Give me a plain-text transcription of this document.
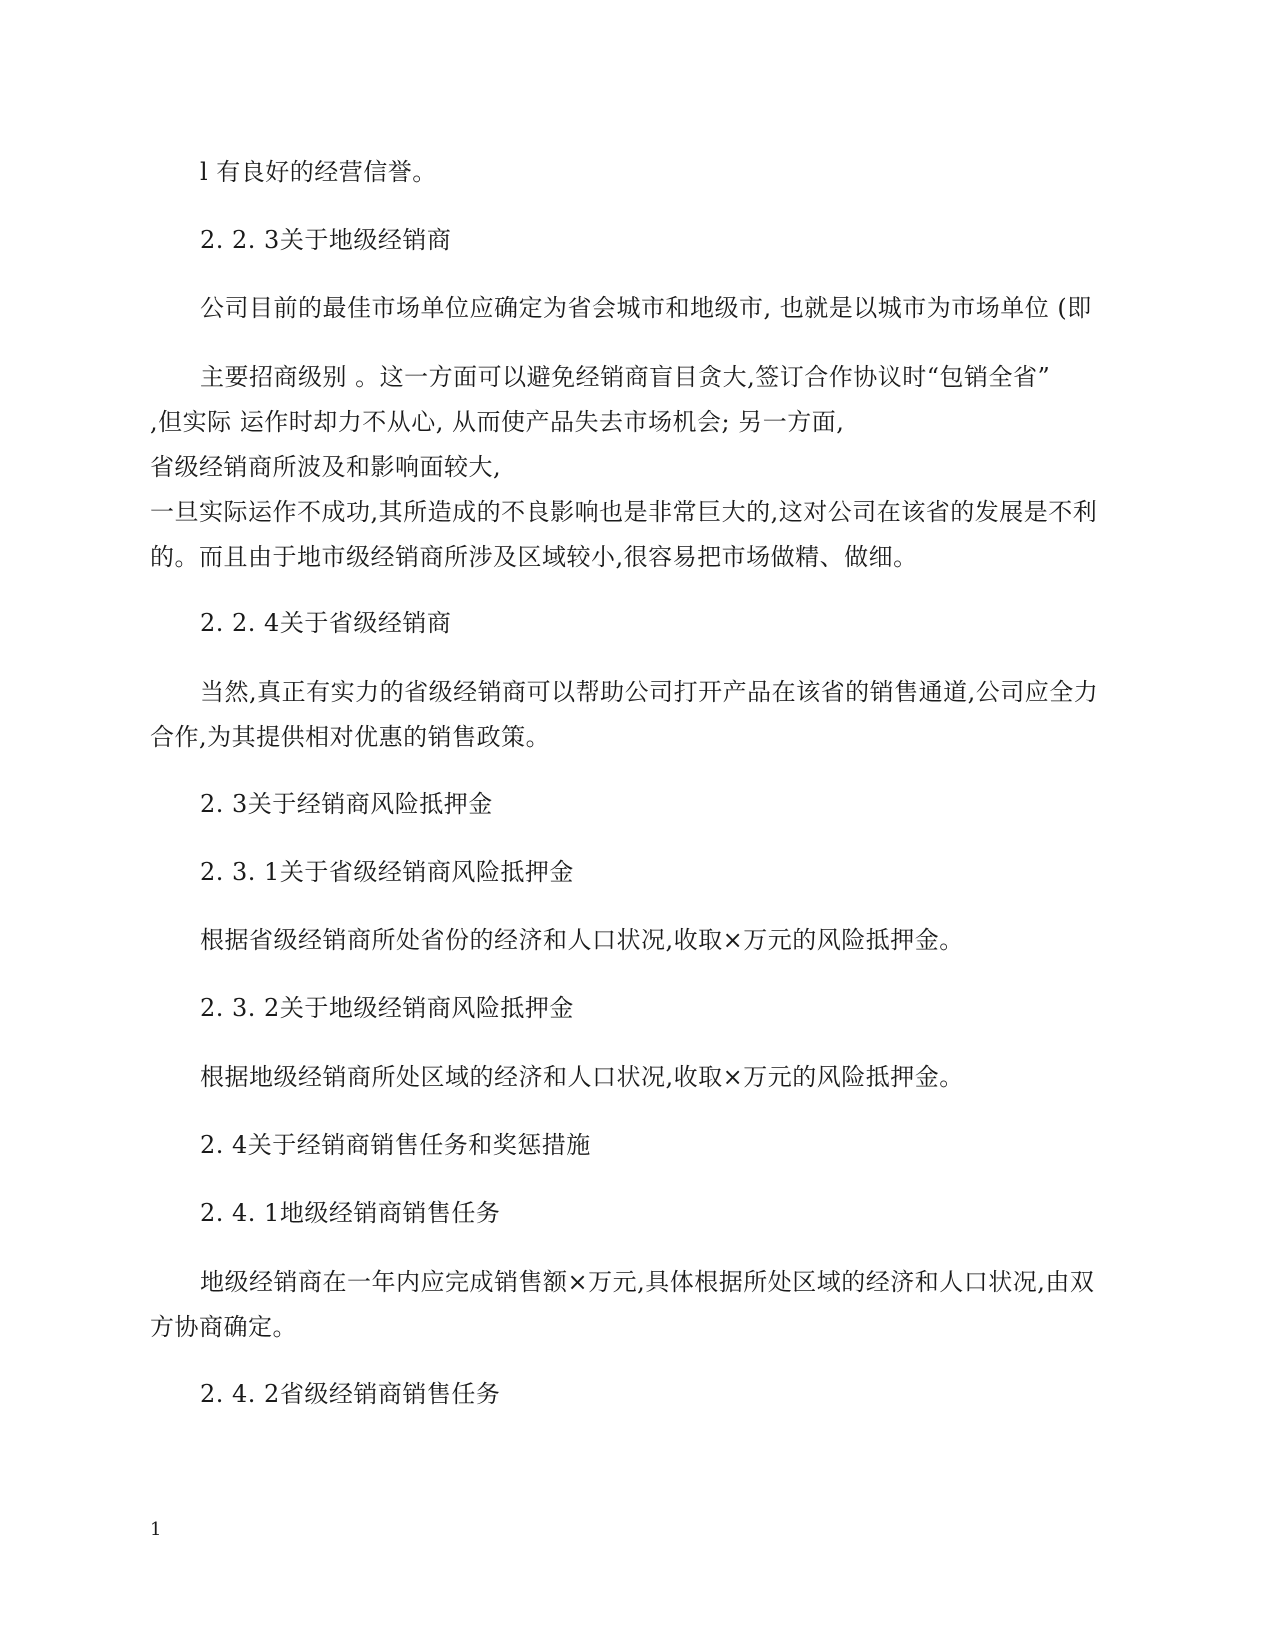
l 有良好的经营信誉。
2. 2. 3关于地级经销商
公司目前的最佳市场单位应确定为省会城市和地级市, 也就是以城市为市场单位 (即
主要招商级别 。这一方面可以避免经销商盲目贪大,签订合作协议时“包销全省”
,但实际 运作时却力不从心, 从而使产品失去市场机会; 另一方面,
省级经销商所波及和影响面较大,
一旦实际运作不成功,其所造成的不良影响也是非常巨大的,这对公司在该省的发展是不利
的。而且由于地市级经销商所涉及区域较小,很容易把市场做精、做细。
2. 2. 4关于省级经销商
当然,真正有实力的省级经销商可以帮助公司打开产品在该省的销售通道,公司应全力
合作,为其提供相对优惠的销售政策。
2. 3关于经销商风险抵押金
2. 3. 1关于省级经销商风险抵押金
根据省级经销商所处省份的经济和人口状况,收取×万元的风险抵押金。
2. 3. 2关于地级经销商风险抵押金
根据地级经销商所处区域的经济和人口状况,收取×万元的风险抵押金。
2. 4关于经销商销售任务和奖惩措施
2. 4. 1地级经销商销售任务
地级经销商在一年内应完成销售额×万元,具体根据所处区域的经济和人口状况,由双
方协商确定。
2. 4. 2省级经销商销售任务
1
